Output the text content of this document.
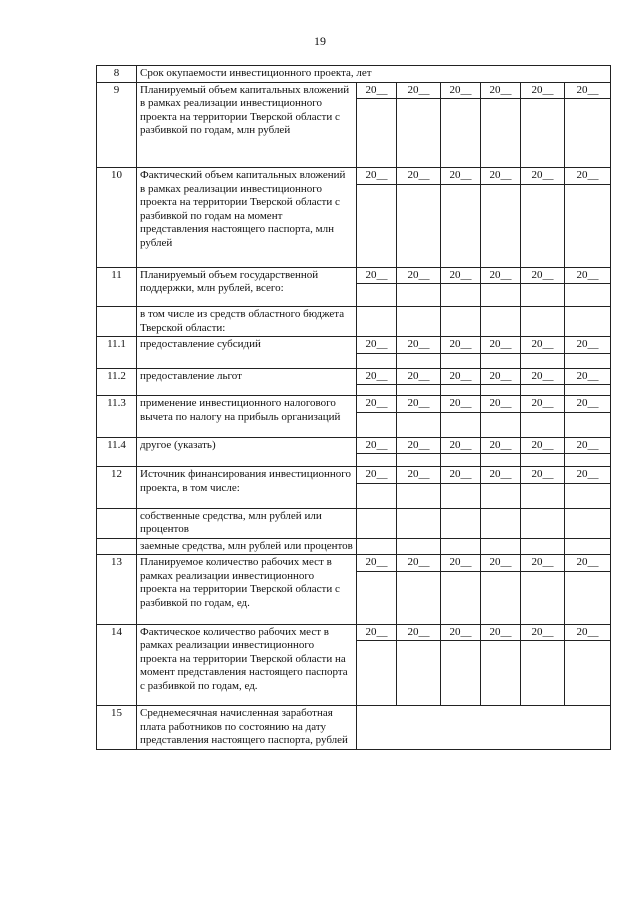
19
8	Срок окупаемости инвестиционного проекта, лет						
9	Планируемый объем капитальных вложений в рамках реализации инвестиционного проекта на территории Тверской области с разбивкой по годам, млн рублей	20__	20__	20__	20__	20__	20__

10	Фактический объем капитальных вложений в рамках реализации инвестиционного проекта на территории Тверской области с разбивкой по годам на момент представления настоящего паспорта, млн рублей	20__	20__	20__	20__	20__	20__

11	Планируемый объем государственной поддержки, млн рублей, всего:	20__	20__	20__	20__	20__	20__

	в том числе из средств областного бюджета Тверской области:						
11.1	предоставление субсидий	20__	20__	20__	20__	20__	20__

11.2	предоставление льгот	20__	20__	20__	20__	20__	20__

11.3	применение инвестиционного налогового вычета по налогу на прибыль организаций	20__	20__	20__	20__	20__	20__

11.4	другое (указать)	20__	20__	20__	20__	20__	20__

12	Источник финансирования инвестиционного проекта, в том числе:	20__	20__	20__	20__	20__	20__

	собственные средства, млн рублей или процентов						
	заемные средства, млн рублей или процентов						
13	Планируемое количество рабочих мест в рамках реализации инвестиционного проекта на территории Тверской области с разбивкой по годам, ед.	20__	20__	20__	20__	20__	20__

14	Фактическое количество рабочих мест в рамках реализации инвестиционного проекта на территории Тверской области на момент представления настоящего паспорта с разбивкой по годам, ед.	20__	20__	20__	20__	20__	20__

15	Среднемесячная начисленная заработная плата работников по состоянию на дату представления настоящего паспорта, рублей						
